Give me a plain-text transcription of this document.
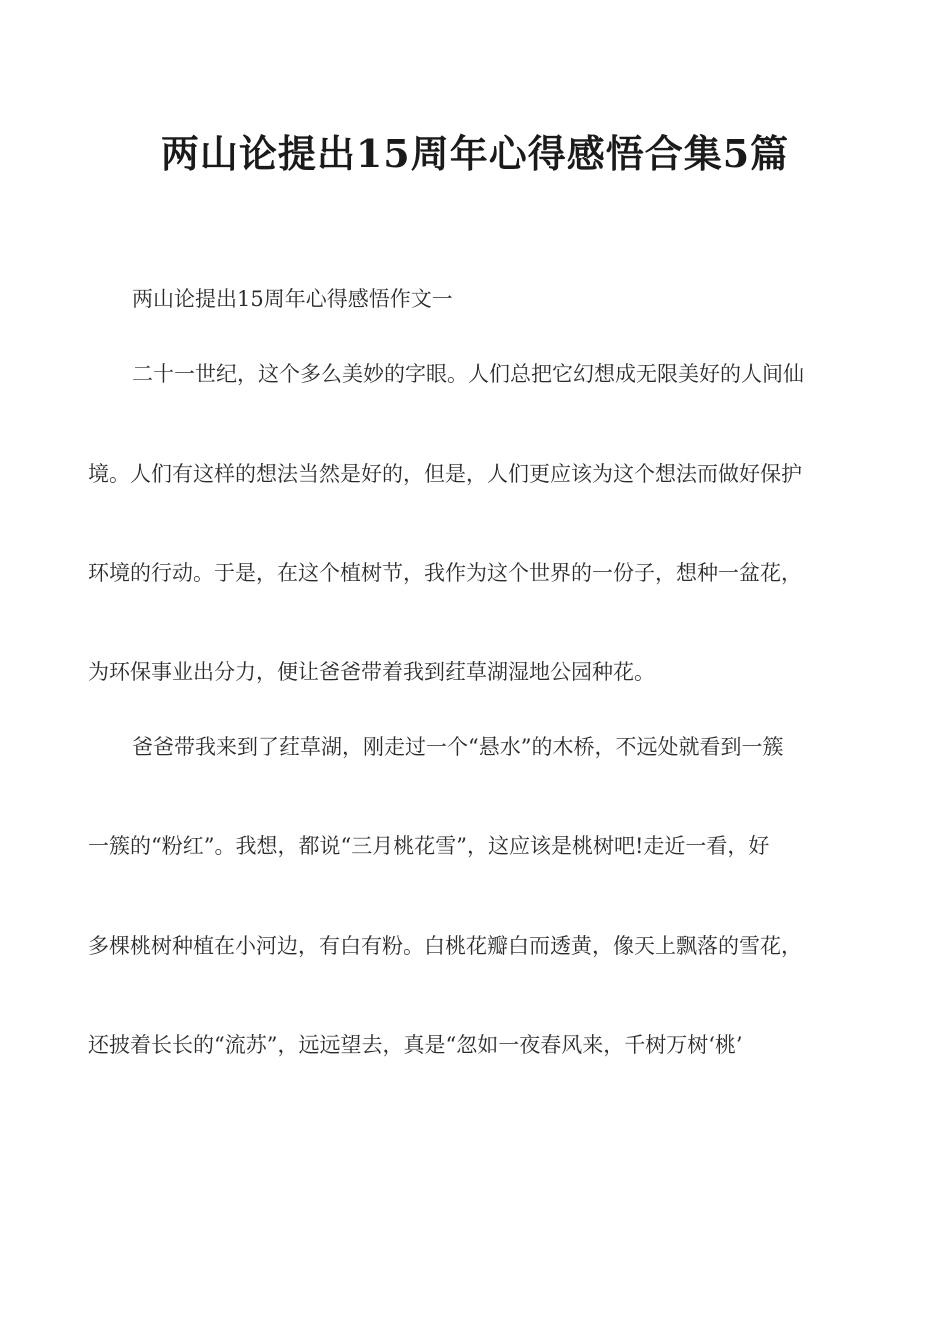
两山论提出15周年心得感悟合集5篇
两山论提出15周年心得感悟作文一
二十一世纪，这个多么美妙的字眼。人们总把它幻想成无限美好的人间仙
境。人们有这样的想法当然是好的，但是，人们更应该为这个想法而做好保护
环境的行动。于是，在这个植树节，我作为这个世界的一份子，想种一盆花，
为环保事业出分力，便让爸爸带着我到荭草湖湿地公园种花。
爸爸带我来到了荭草湖，刚走过一个“悬水”的木桥，不远处就看到一簇
一簇的“粉红”。我想，都说“三月桃花雪”，这应该是桃树吧!走近一看，好
多棵桃树种植在小河边，有白有粉。白桃花瓣白而透黄，像天上飘落的雪花，
还披着长长的“流苏”，远远望去，真是“忽如一夜春风来，千树万树‘桃’
